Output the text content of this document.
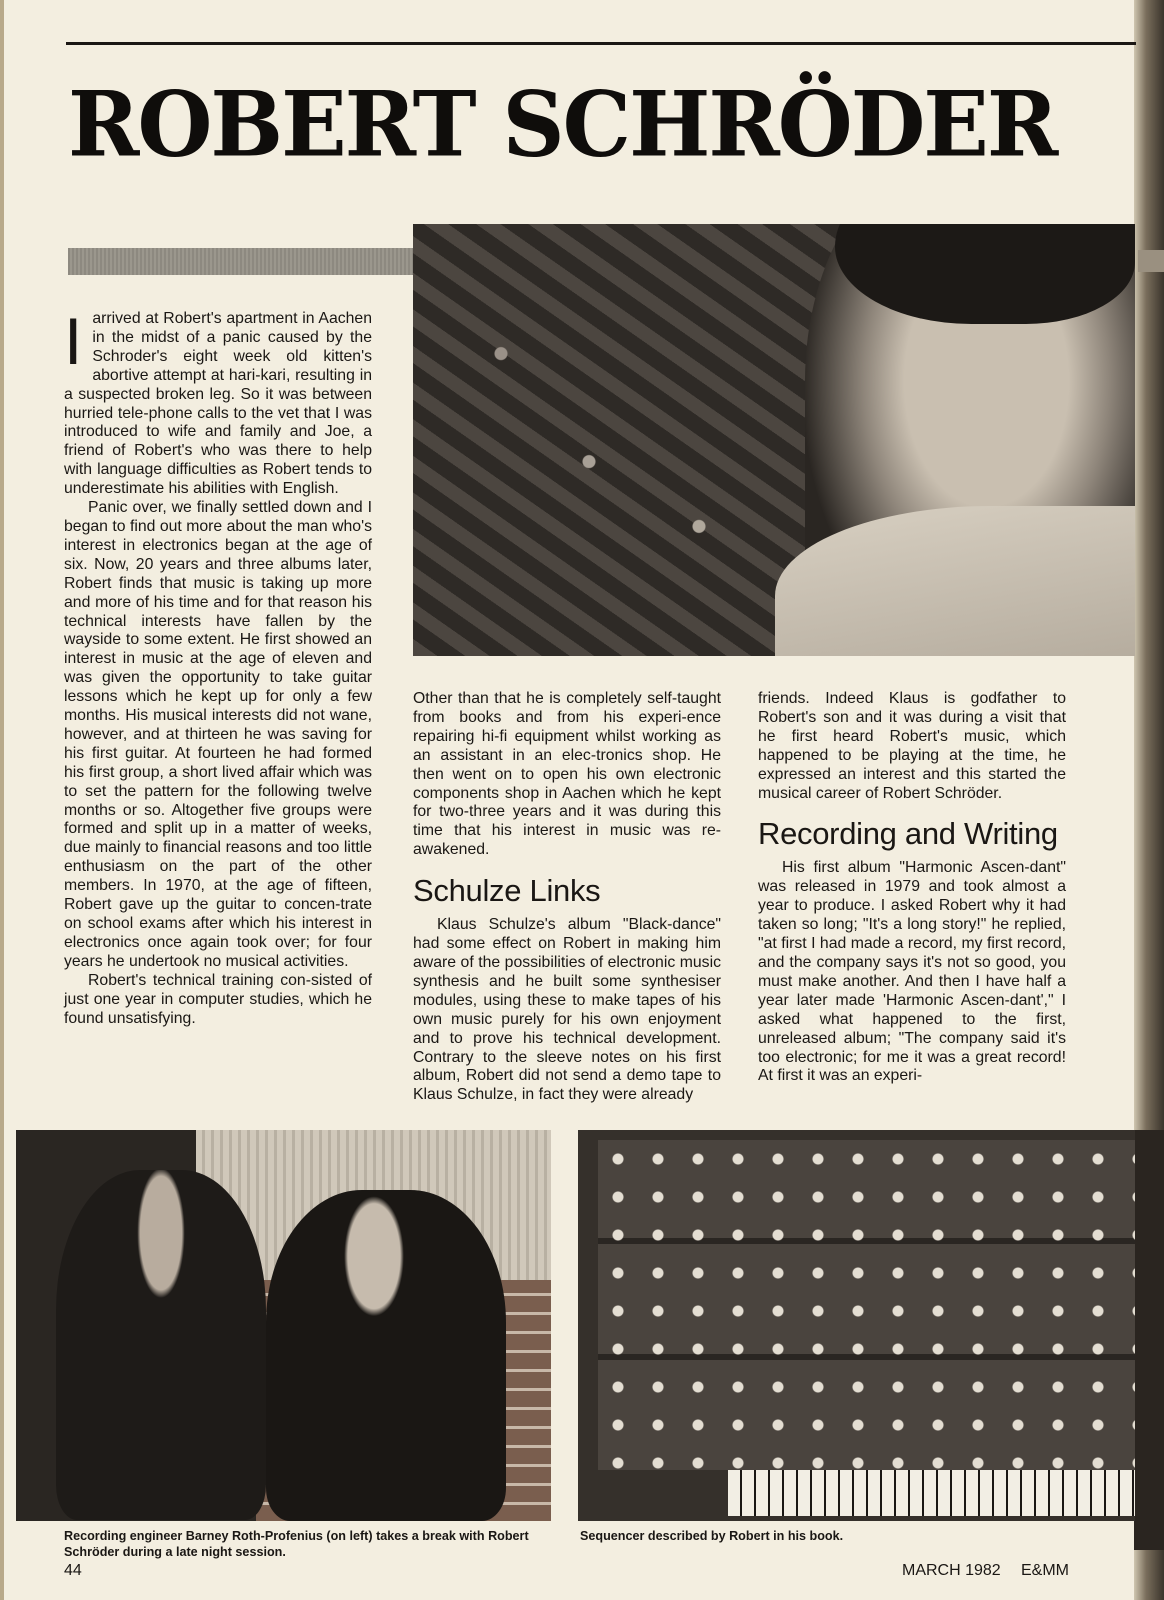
ROBERT SCHRÖDER

Iarrived at Robert's apartment in Aachen in the midst of a panic caused by the Schroder's eight week old kitten's abortive attempt at hari-kari, resulting in a suspected broken leg. So it was between hurried tele-phone calls to the vet that I was introduced to wife and family and Joe, a friend of Robert's who was there to help with language difficulties as Robert tends to underestimate his abilities with English.

Panic over, we finally settled down and I began to find out more about the man who's interest in electronics began at the age of six. Now, 20 years and three albums later, Robert finds that music is taking up more and more of his time and for that reason his technical interests have fallen by the wayside to some extent. He first showed an interest in music at the age of eleven and was given the opportunity to take guitar lessons which he kept up for only a few months. His musical interests did not wane, however, and at thirteen he was saving for his first guitar. At fourteen he had formed his first group, a short lived affair which was to set the pattern for the following twelve months or so. Altogether five groups were formed and split up in a matter of weeks, due mainly to financial reasons and too little enthusiasm on the part of the other members. In 1970, at the age of fifteen, Robert gave up the guitar to concen-trate on school exams after which his interest in electronics once again took over; for four years he undertook no musical activities.

Robert's technical training con-sisted of just one year in computer studies, which he found unsatisfying.

Other than that he is completely self-taught from books and from his experi-ence repairing hi-fi equipment whilst working as an assistant in an elec-tronics shop. He then went on to open his own electronic components shop in Aachen which he kept for two-three years and it was during this time that his interest in music was re-awakened.

Schulze Links

Klaus Schulze's album "Black-dance" had some effect on Robert in making him aware of the possibilities of electronic music synthesis and he built some synthesiser modules, using these to make tapes of his own music purely for his own enjoyment and to prove his technical development. Contrary to the sleeve notes on his first album, Robert did not send a demo tape to Klaus Schulze, in fact they were already

friends. Indeed Klaus is godfather to Robert's son and it was during a visit that he first heard Robert's music, which happened to be playing at the time, he expressed an interest and this started the musical career of Robert Schröder.

Recording and Writing

His first album "Harmonic Ascen-dant" was released in 1979 and took almost a year to produce. I asked Robert why it had taken so long; "It's a long story!" he replied, "at first I had made a record, my first record, and the company says it's not so good, you must make another. And then I have half a year later made 'Harmonic Ascen-dant'," I asked what happened to the first, unreleased album; "The company said it's too electronic; for me it was a great record! At first it was an experi-

Recording engineer Barney Roth-Profenius (on left) takes a break with Robert Schröder during a late night session.
Sequencer described by Robert in his book.
44	MARCH 1982 E&MM
